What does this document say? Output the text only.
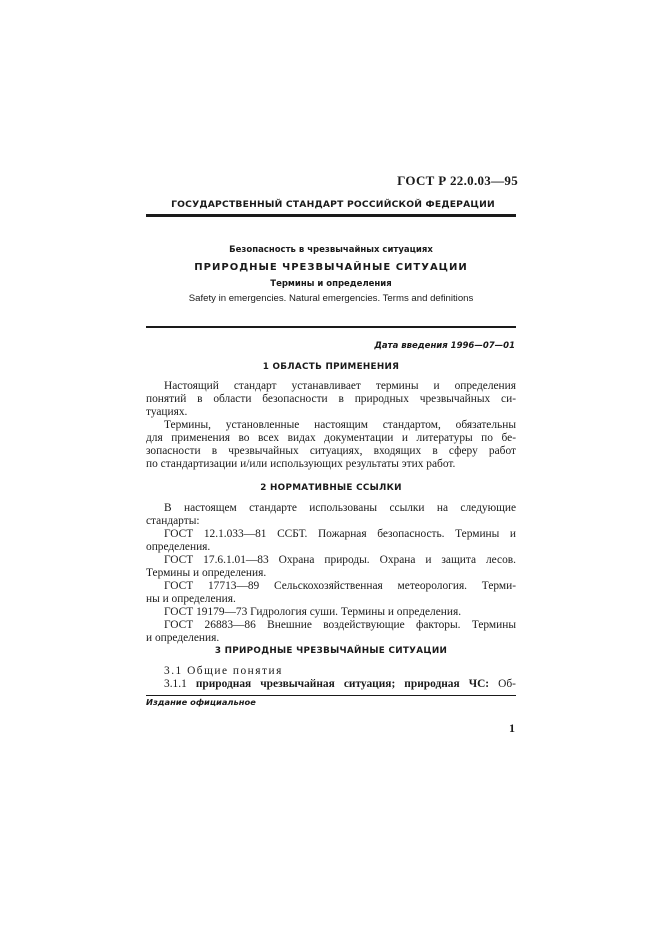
ГОСТ Р 22.0.03—95
ГОСУДАРСТВЕННЫЙ СТАНДАРТ РОССИЙСКОЙ ФЕДЕРАЦИИ
Безопасность в чрезвычайных ситуациях
ПРИРОДНЫЕ ЧРЕЗВЫЧАЙНЫЕ СИТУАЦИИ
Термины и определения
Safety in emergencies. Natural emergencies. Terms and definitions
Дата введения 1996—07—01
1 ОБЛАСТЬ ПРИМЕНЕНИЯ
Настоящий стандарт устанавливает термины и определения
понятий в области безопасности в природных чрезвычайных си-
туациях.
Термины, установленные настоящим стандартом, обязательны
для применения во всех видах документации и литературы по бе-
зопасности в чрезвычайных ситуациях, входящих в сферу работ
по стандартизации и/или использующих результаты этих работ.
2 НОРМАТИВНЫЕ ССЫЛКИ
В настоящем стандарте использованы ссылки на следующие
стандарты:
ГОСТ 12.1.033—81 ССБТ. Пожарная безопасность. Термины и
определения.
ГОСТ 17.6.1.01—83 Охрана природы. Охрана и защита лесов.
Термины и определения.
ГОСТ 17713—89 Сельскохозяйственная метеорология. Терми-
ны и определения.
ГОСТ 19179—73 Гидрология суши. Термины и определения.
ГОСТ 26883—86 Внешние воздействующие факторы. Термины
и определения.
3 ПРИРОДНЫЕ ЧРЕЗВЫЧАЙНЫЕ СИТУАЦИИ
3.1 Общие понятия
3.1.1 природная чрезвычайная ситуация; природная ЧС: Об-
Издание официальное
1
